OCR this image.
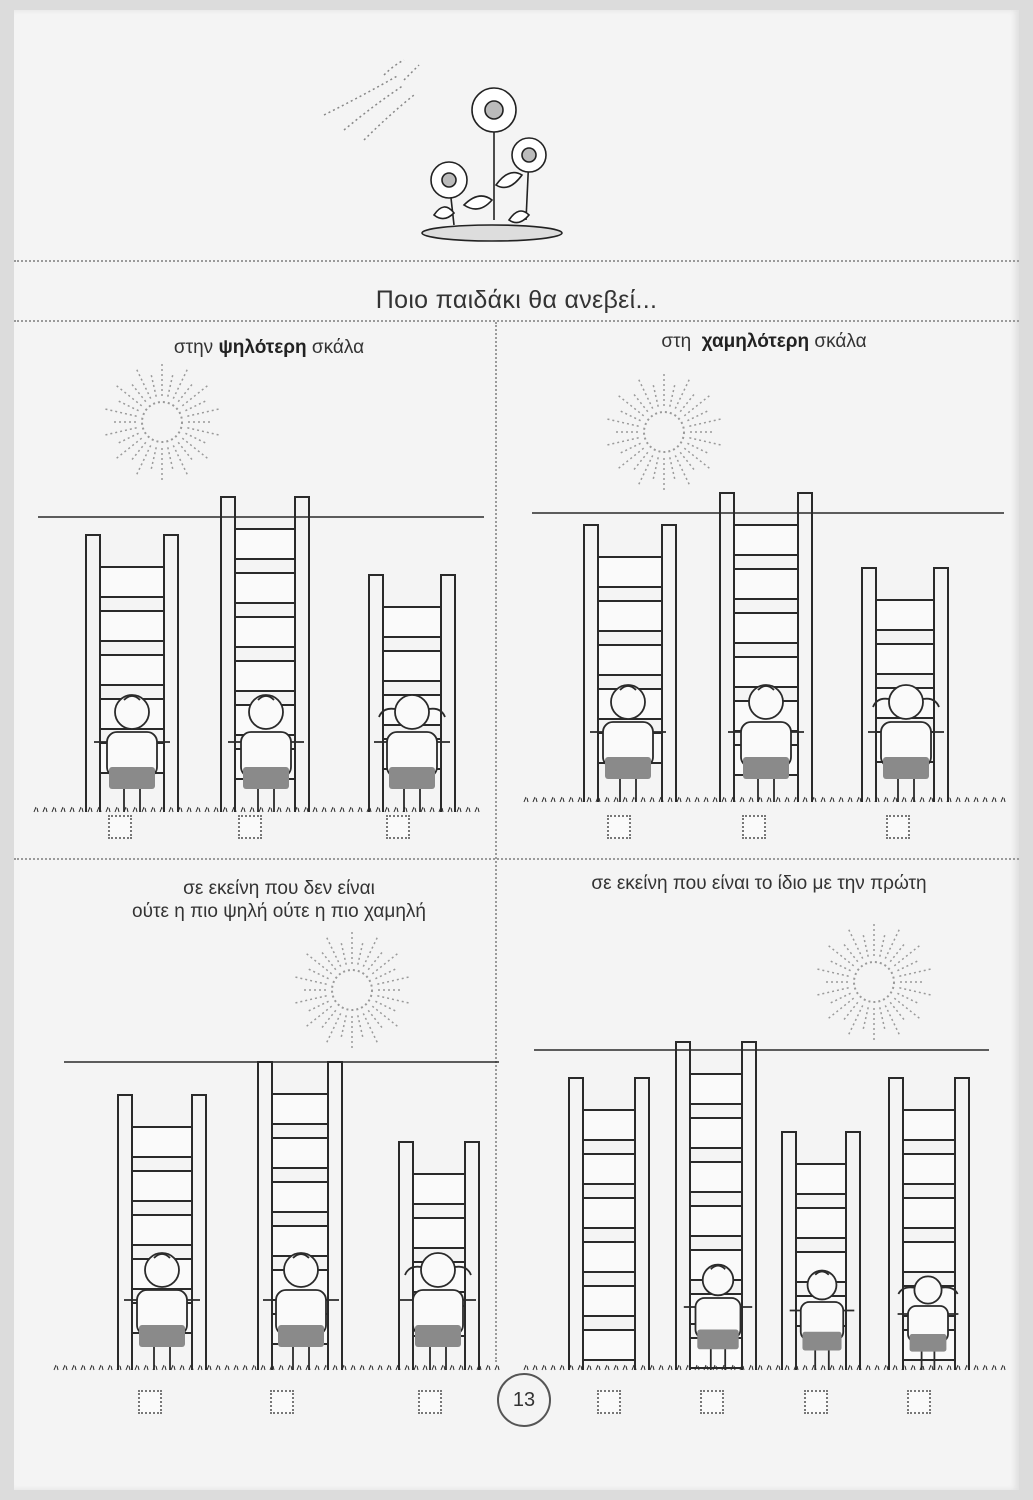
Ποιο παιδάκι θα ανεβεί...
στην ψηλότερη σκάλα	στη  χαμηλότερη σκάλα
σε εκείνη που δεν είναι
ούτε η πιο ψηλή ούτε η πιο χαμηλή
σε εκείνη που είναι το ίδιο με την πρώτη
13
